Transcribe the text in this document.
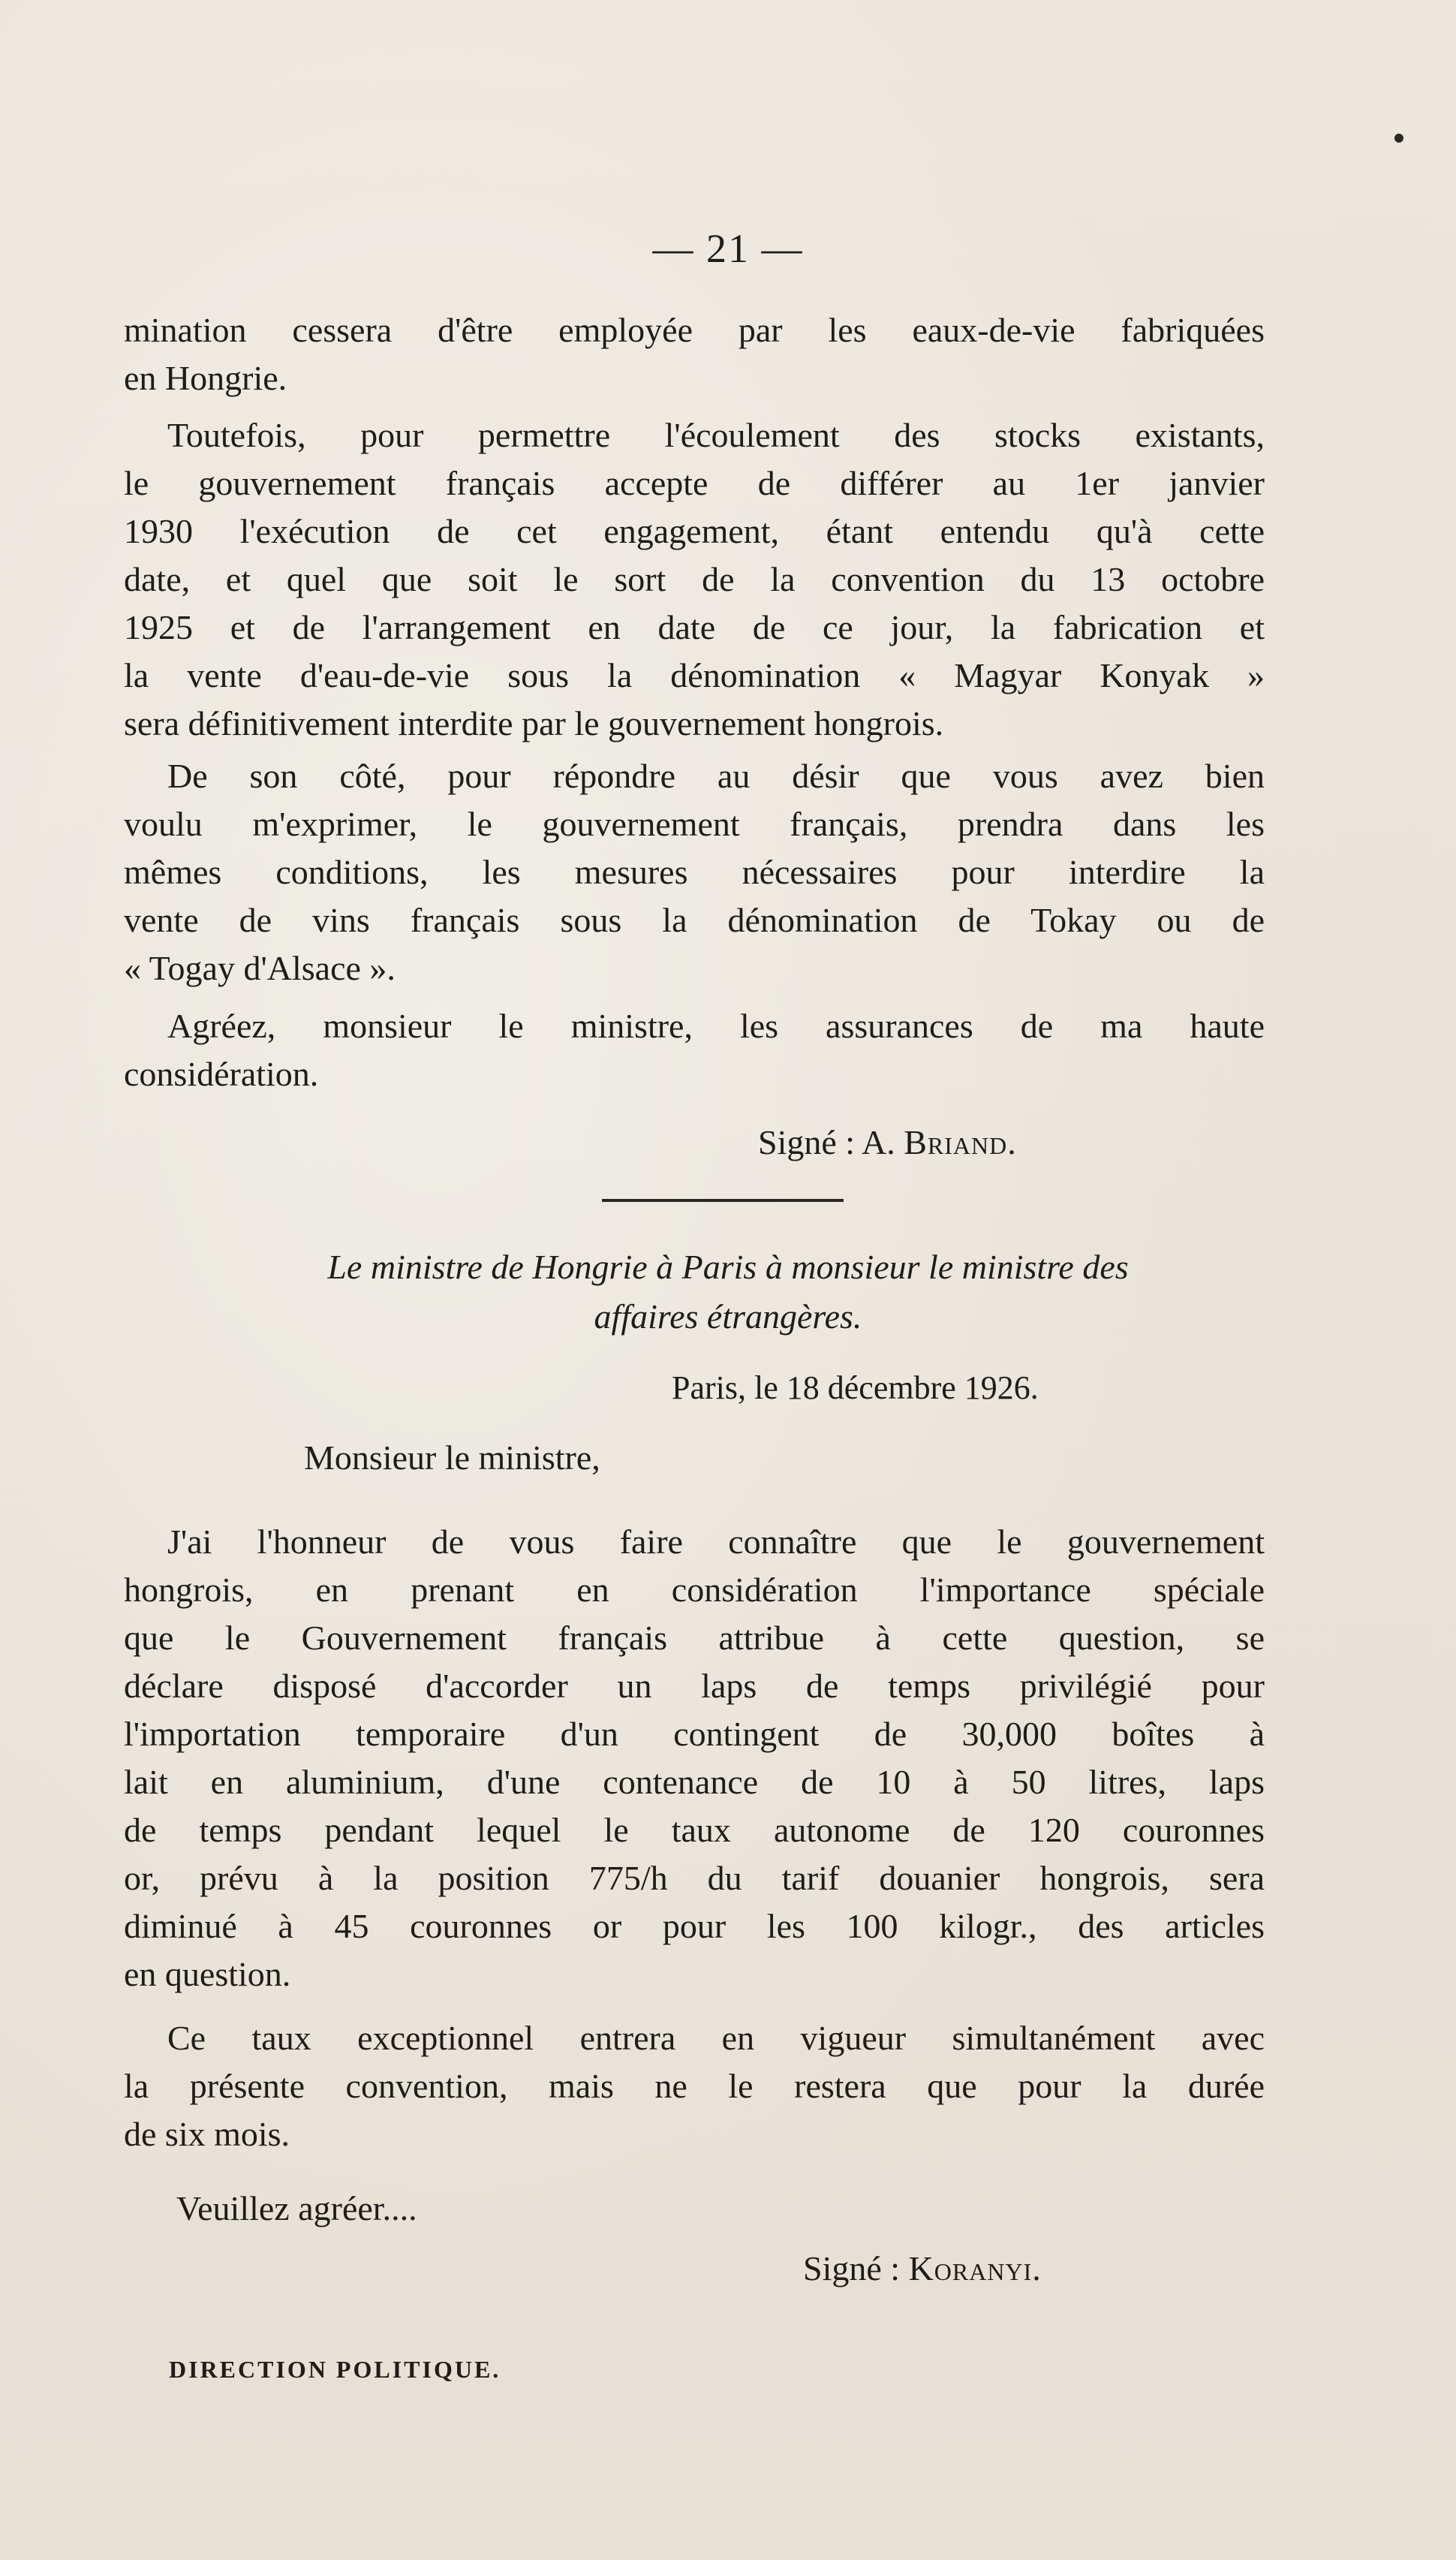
— 21 —
mination cessera d'être employée par les eaux-de-vie fabriquées
en Hongrie.
Toutefois, pour permettre l'écoulement des stocks existants,
le gouvernement français accepte de différer au 1er janvier
1930 l'exécution de cet engagement, étant entendu qu'à cette
date, et quel que soit le sort de la convention du 13 octobre
1925 et de l'arrangement en date de ce jour, la fabrication et
la vente d'eau-de-vie sous la dénomination « Magyar Konyak »
sera définitivement interdite par le gouvernement hongrois.
De son côté, pour répondre au désir que vous avez bien
voulu m'exprimer, le gouvernement français, prendra dans les
mêmes conditions, les mesures nécessaires pour interdire la
vente de vins français sous la dénomination de Tokay ou de
« Togay d'Alsace ».
Agréez, monsieur le ministre, les assurances de ma haute
considération.
Signé : A. Briand.
Le ministre de Hongrie à Paris à monsieur le ministre des
affaires étrangères.
Paris, le 18 décembre 1926.
Monsieur le ministre,
J'ai l'honneur de vous faire connaître que le gouvernement
hongrois, en prenant en considération l'importance spéciale
que le Gouvernement français attribue à cette question, se
déclare disposé d'accorder un laps de temps privilégié pour
l'importation temporaire d'un contingent de 30,000 boîtes à
lait en aluminium, d'une contenance de 10 à 50 litres, laps
de temps pendant lequel le taux autonome de 120 couronnes
or, prévu à la position 775/h du tarif douanier hongrois, sera
diminué à 45 couronnes or pour les 100 kilogr., des articles
en question.
Ce taux exceptionnel entrera en vigueur simultanément avec
la présente convention, mais ne le restera que pour la durée
de six mois.
Veuillez agréer....
Signé : Koranyi.
DIRECTION POLITIQUE.
